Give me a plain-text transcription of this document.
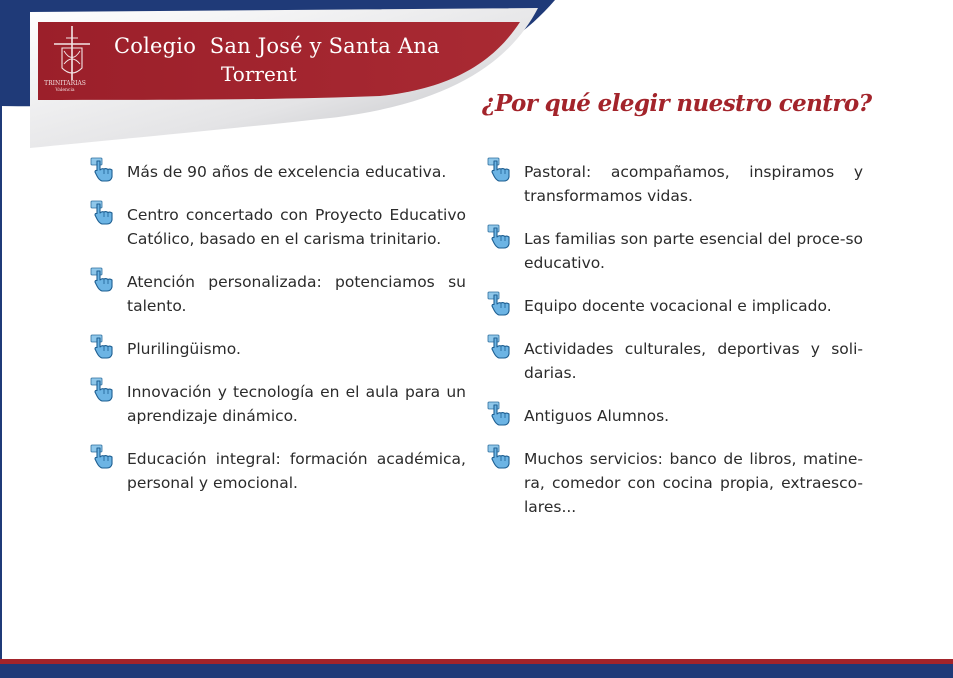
TRINITARIAS
Valencia
Colegio  San José y Santa Ana
Torrent
¿Por qué elegir nuestro centro?
Más de 90 años de excelencia educativa.
Centro concertado con Proyecto Educativo Católico, basado en el carisma trinitario.
Atención personalizada: potenciamos su talento.
Plurilingüismo.
Innovación y tecnología en el aula para un aprendizaje dinámico.
Educación integral: formación académica, personal y emocional.
Pastoral: acompañamos, inspiramos y transformamos vidas.
Las familias son parte esencial del proce-so educativo.
Equipo docente vocacional e implicado.
Actividades culturales, deportivas y soli-darias.
Antiguos Alumnos.
Muchos servicios: banco de libros, matine-ra, comedor con cocina propia, extraesco-lares...
